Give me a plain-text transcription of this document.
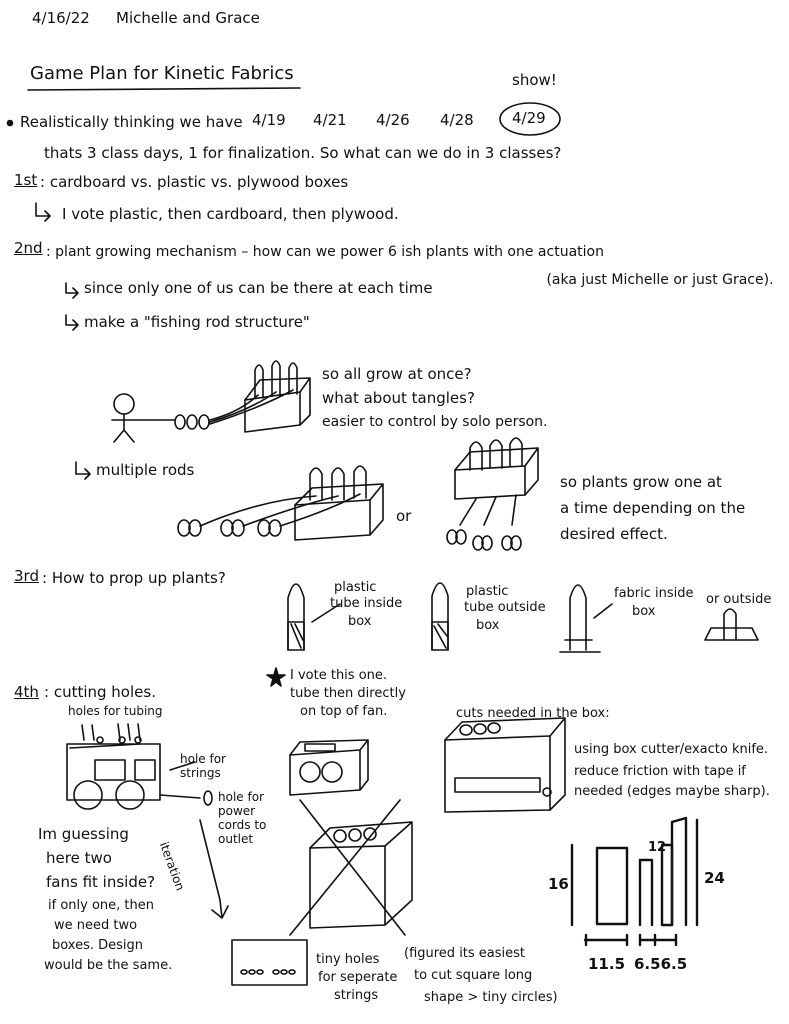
4/16/22 Michelle and Grace
Game Plan for Kinetic Fabrics	show!
Realistically thinking we have 4/19 4/21 4/26 4/28	4/29
thats 3 class days, 1 for finalization. So what can we do in 3 classes?
1st : cardboard vs. plastic vs. plywood boxes
I vote plastic, then cardboard, then plywood.
2nd : plant growing mechanism – how can we power 6 ish plants with one actuation
(aka just Michelle or just Grace).
since only one of us can be there at each time
make a "fishing rod structure"
so all grow at once?
what about tangles?
easier to control by solo person.
multiple rods
or
so plants grow one at
a time depending on the
desired effect.
3rd : How to prop up plants?
plastic
tube inside
box
plastic
tube outside
box
fabric inside
box
or outside
I vote this one.
tube then directly
on top of fan.
4th : cutting holes.
holes for tubing
hole for strings
hole for power cords to outlet
iteration
cuts needed in the box:
using box cutter/exacto knife.
reduce friction with tape if
needed (edges maybe sharp).
Im guessing
here two
fans fit inside?
if only one, then
we need two
boxes. Design
would be the same.	tiny holes
for seperate
strings
(figured its easiest
to cut square long
shape > tiny circles)
16
12
24
11.5 6.56.5
